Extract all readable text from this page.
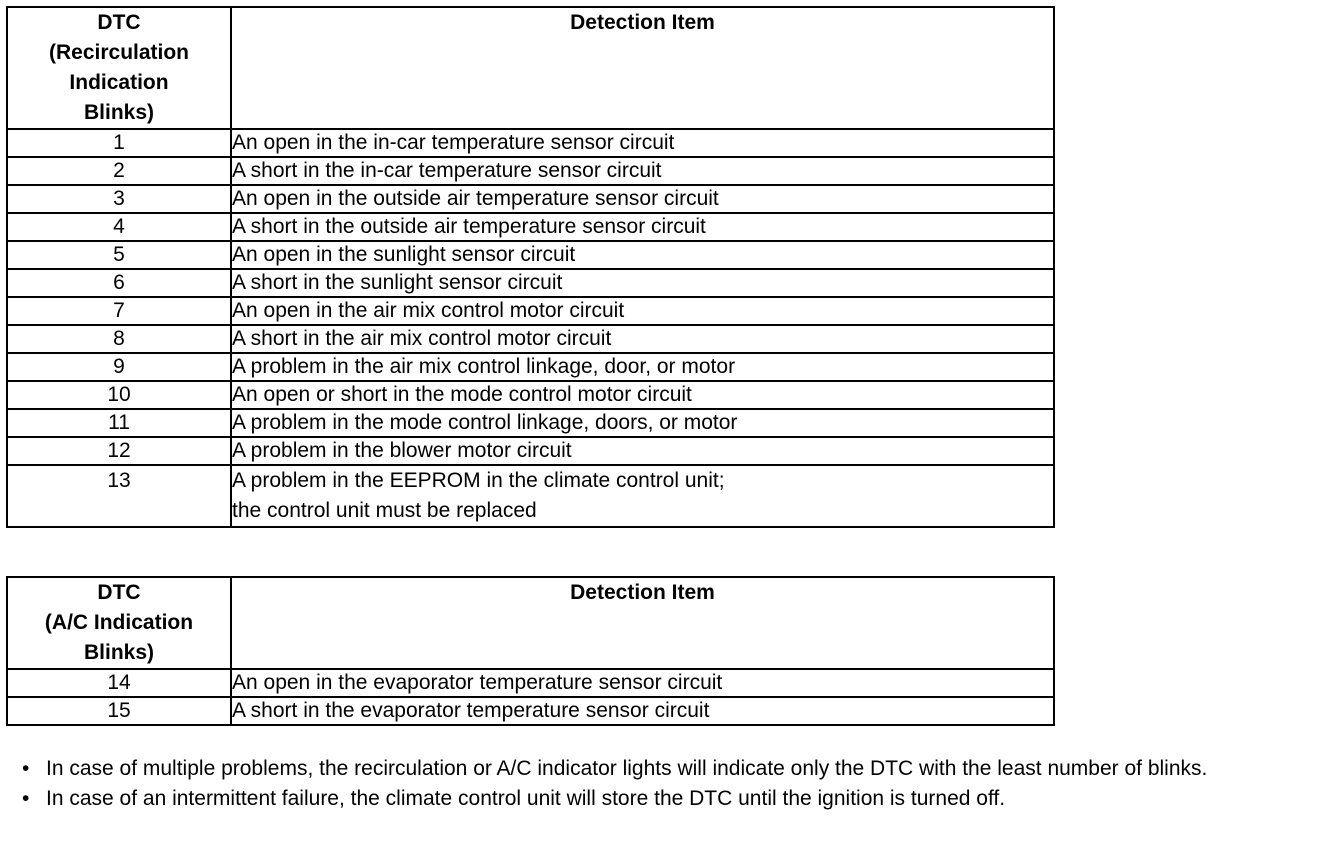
DTC
(Recirculation
Indication
Blinks)	Detection Item
1	An open in the in-car temperature sensor circuit

2	A short in the in-car temperature sensor circuit

3	An open in the outside air temperature sensor circuit

4	A short in the outside air temperature sensor circuit

5	An open in the sunlight sensor circuit

6	A short in the sunlight sensor circuit

7	An open in the air mix control motor circuit

8	A short in the air mix control motor circuit

9	A problem in the air mix control linkage, door, or motor

10	An open or short in the mode control motor circuit

11	A problem in the mode control linkage, doors, or motor

12	A problem in the blower motor circuit

13	A problem in the EEPROM in the climate control unit;
the control unit must be replaced
DTC
(A/C Indication
Blinks)	Detection Item
14	An open in the evaporator temperature sensor circuit

15	A short in the evaporator temperature sensor circuit
• In case of multiple problems, the recirculation or A/C indicator lights will indicate only the DTC with the least number of blinks.
• In case of an intermittent failure, the climate control unit will store the DTC until the ignition is turned off.
